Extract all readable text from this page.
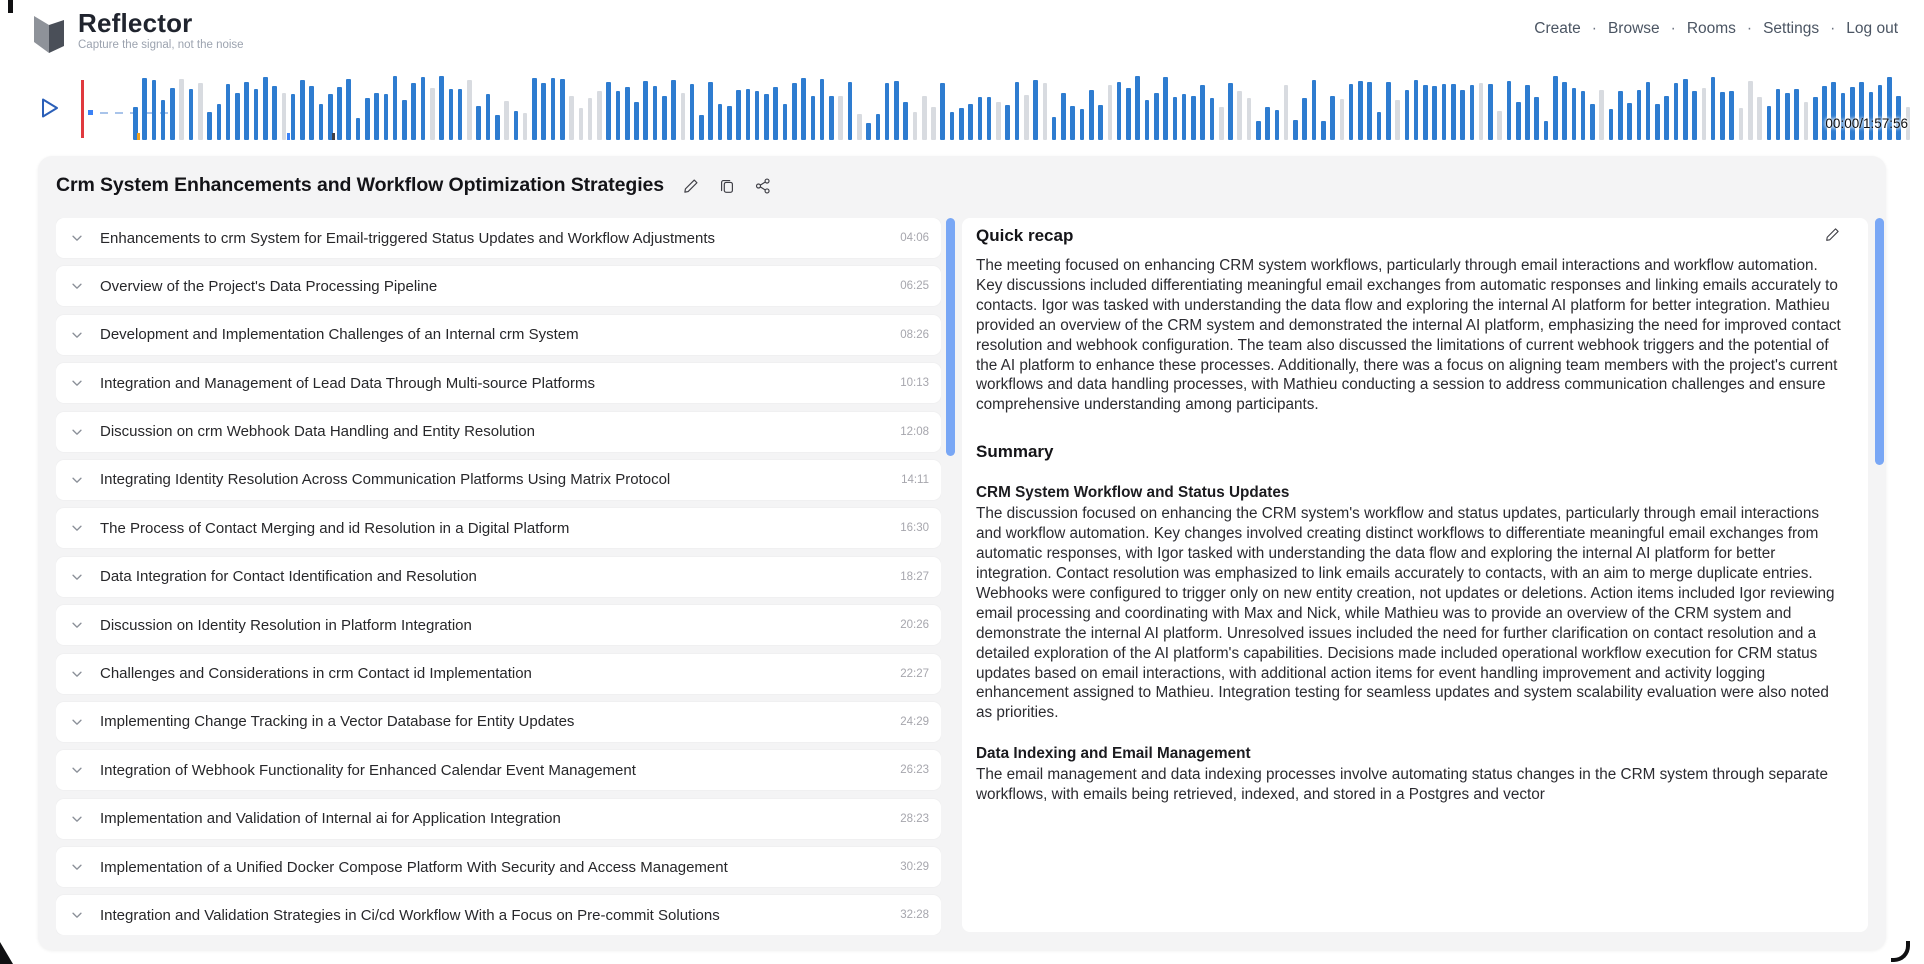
Reflector
Capture the signal, not the noise
Create · Browse · Rooms · Settings · Log out
00:00/1:57:56
Crm System Enhancements and Workflow Optimization Strategies
Enhancements to crm System for Email-triggered Status Updates and Workflow Adjustments	04:06
Overview of the Project's Data Processing Pipeline	06:25
Development and Implementation Challenges of an Internal crm System	08:26
Integration and Management of Lead Data Through Multi-source Platforms	10:13
Discussion on crm Webhook Data Handling and Entity Resolution	12:08
Integrating Identity Resolution Across Communication Platforms Using Matrix Protocol	14:11
The Process of Contact Merging and id Resolution in a Digital Platform	16:30
Data Integration for Contact Identification and Resolution	18:27
Discussion on Identity Resolution in Platform Integration	20:26
Challenges and Considerations in crm Contact id Implementation	22:27
Implementing Change Tracking in a Vector Database for Entity Updates	24:29
Integration of Webhook Functionality for Enhanced Calendar Event Management	26:23
Implementation and Validation of Internal ai for Application Integration	28:23
Implementation of a Unified Docker Compose Platform With Security and Access Management	30:29
Integration and Validation Strategies in Ci/cd Workflow With a Focus on Pre-commit Solutions	32:28
Quick recap

The meeting focused on enhancing CRM system workflows, particularly through email interactions and workflow automation. Key discussions included differentiating meaningful email exchanges from automatic responses and linking emails accurately to contacts. Igor was tasked with understanding the data flow and exploring the internal AI platform for better integration. Mathieu provided an overview of the CRM system and demonstrated the internal AI platform, emphasizing the need for improved contact resolution and webhook configuration. The team also discussed the limitations of current webhook triggers and the potential of the AI platform to enhance these processes. Additionally, there was a focus on aligning team members with the project's current workflows and data handling processes, with Mathieu conducting a session to address communication challenges and ensure comprehensive understanding among participants.

Summary
CRM System Workflow and Status Updates

The discussion focused on enhancing the CRM system's workflow and status updates, particularly through email interactions and workflow automation. Key changes involved creating distinct workflows to differentiate meaningful email exchanges from automatic responses, with Igor tasked with understanding the data flow and exploring the internal AI platform for better integration. Contact resolution was emphasized to link emails accurately to contacts, with an aim to merge duplicate entries. Webhooks were configured to trigger only on new entity creation, not updates or deletions. Action items included Igor reviewing email processing and coordinating with Max and Nick, while Mathieu was to provide an overview of the CRM system and demonstrate the internal AI platform. Unresolved issues included the need for further clarification on contact resolution and a detailed exploration of the AI platform's capabilities. Decisions made included operational workflow execution for CRM status updates based on email interactions, with additional action items for event handling improvement and activity logging enhancement assigned to Mathieu. Integration testing for seamless updates and system scalability evaluation were also noted as priorities.

Data Indexing and Email Management

The email management and data indexing processes involve automating status changes in the CRM system through separate workflows, with emails being retrieved, indexed, and stored in a Postgres and vector
